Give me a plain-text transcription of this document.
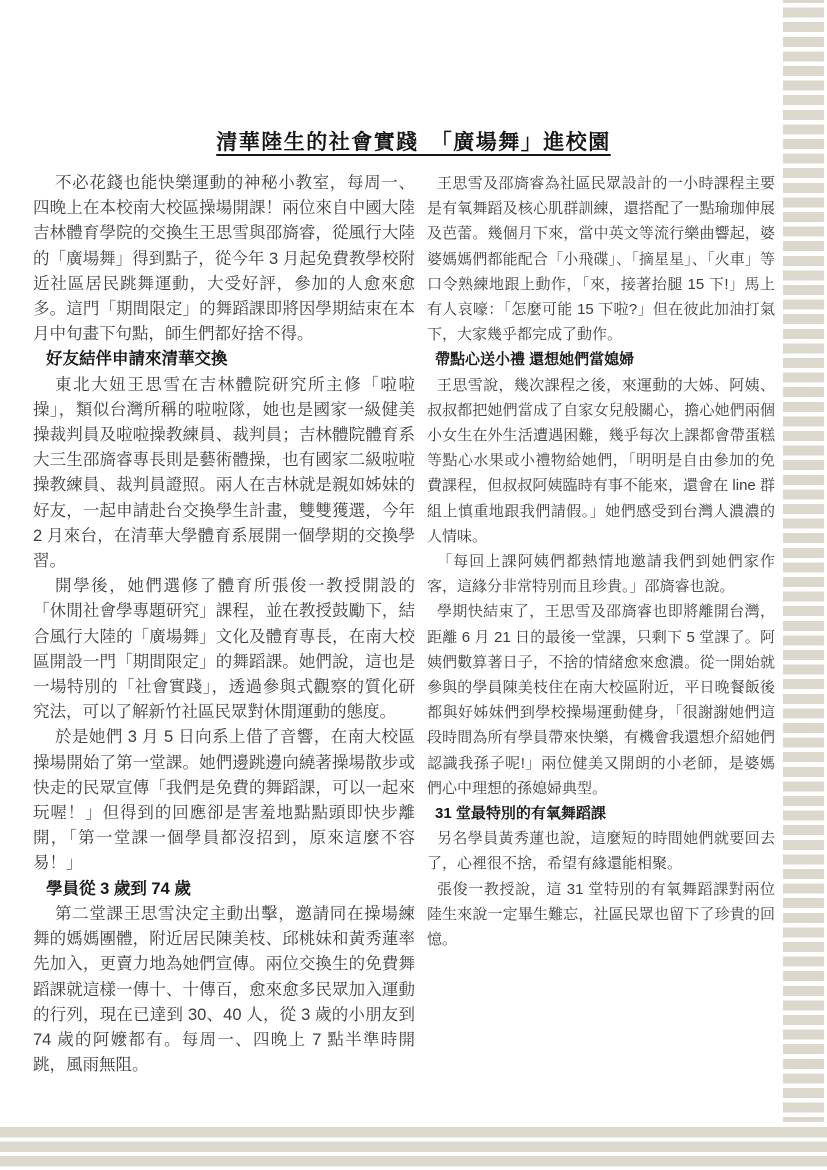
清華陸生的社會實踐　「廣場舞」進校園

不必花錢也能快樂運動的神秘小教室，每周一、四晚上在本校南大校區操場開課！兩位來自中國大陸吉林體育學院的交換生王思雪與邵旖睿，從風行大陸的「廣場舞」得到點子，從今年 3 月起免費教學校附近社區居民跳舞運動，大受好評，參加的人愈來愈多。這門「期間限定」的舞蹈課即將因學期結束在本月中旬畫下句點，師生們都好捨不得。

好友結伴申請來清華交換

東北大妞王思雪在吉林體院研究所主修「啦啦操」，類似台灣所稱的啦啦隊，她也是國家一級健美操裁判員及啦啦操教練員、裁判員；吉林體院體育系大三生邵旖睿專長則是藝術體操，也有國家二級啦啦操教練員、裁判員證照。兩人在吉林就是親如姊妹的好友，一起申請赴台交換學生計畫，雙雙獲選，今年 2 月來台，在清華大學體育系展開一個學期的交換學習。

開學後，她們選修了體育所張俊一教授開設的「休閒社會學專題研究」課程，並在教授鼓勵下，結合風行大陸的「廣場舞」文化及體育專長，在南大校區開設一門「期間限定」的舞蹈課。她們說，這也是一場特別的「社會實踐」，透過參與式觀察的質化研究法，可以了解新竹社區民眾對休閒運動的態度。

於是她們 3 月 5 日向系上借了音響，在南大校區操場開始了第一堂課。她們邊跳邊向繞著操場散步或快走的民眾宣傳「我們是免費的舞蹈課，可以一起來玩喔！」但得到的回應卻是害羞地點點頭即快步離開，「第一堂課一個學員都沒招到，原來這麼不容易！」

學員從 3 歲到 74 歲

第二堂課王思雪決定主動出擊，邀請同在操場練舞的媽媽團體，附近居民陳美枝、邱桃妹和黃秀蓮率先加入，更賣力地為她們宣傳。兩位交換生的免費舞蹈課就這樣一傳十、十傳百，愈來愈多民眾加入運動的行列，現在已達到 30、40 人，從 3 歲的小朋友到 74 歲的阿嬤都有。每周一、四晚上 7 點半準時開跳，風雨無阻。

王思雪及邵旖睿為社區民眾設計的一小時課程主要是有氧舞蹈及核心肌群訓練，還搭配了一點瑜珈伸展及芭蕾。幾個月下來，當中英文等流行樂曲響起，婆婆媽媽們都能配合「小飛碟」、「摘星星」、「火車」等口令熟練地跟上動作，「來，接著抬腿 15 下!」馬上有人哀嚎：「怎麼可能 15 下啦?」但在彼此加油打氣下，大家幾乎都完成了動作。

帶點心送小禮 還想她們當媳婦

王思雪說，幾次課程之後，來運動的大姊、阿姨、叔叔都把她們當成了自家女兒般關心，擔心她們兩個小女生在外生活遭遇困難，幾乎每次上課都會帶蛋糕等點心水果或小禮物給她們，「明明是自由參加的免費課程，但叔叔阿姨臨時有事不能來，還會在 line 群組上慎重地跟我們請假。」她們感受到台灣人濃濃的人情味。

「每回上課阿姨們都熱情地邀請我們到她們家作客，這緣分非常特別而且珍貴。」邵旖睿也說。

學期快結束了，王思雪及邵旖睿也即將離開台灣，距離 6 月 21 日的最後一堂課，只剩下 5 堂課了。阿姨們數算著日子，不捨的情緒愈來愈濃。從一開始就參與的學員陳美枝住在南大校區附近，平日晚餐飯後都與好姊妹們到學校操場運動健身，「很謝謝她們這段時間為所有學員帶來快樂，有機會我還想介紹她們認識我孫子呢!」兩位健美又開朗的小老師，是婆媽們心中理想的孫媳婦典型。

31 堂最特別的有氧舞蹈課

另名學員黃秀蓮也說，這麼短的時間她們就要回去了，心裡很不捨，希望有緣還能相聚。

張俊一教授說，這 31 堂特別的有氧舞蹈課對兩位陸生來說一定畢生難忘，社區民眾也留下了珍貴的回憶。
